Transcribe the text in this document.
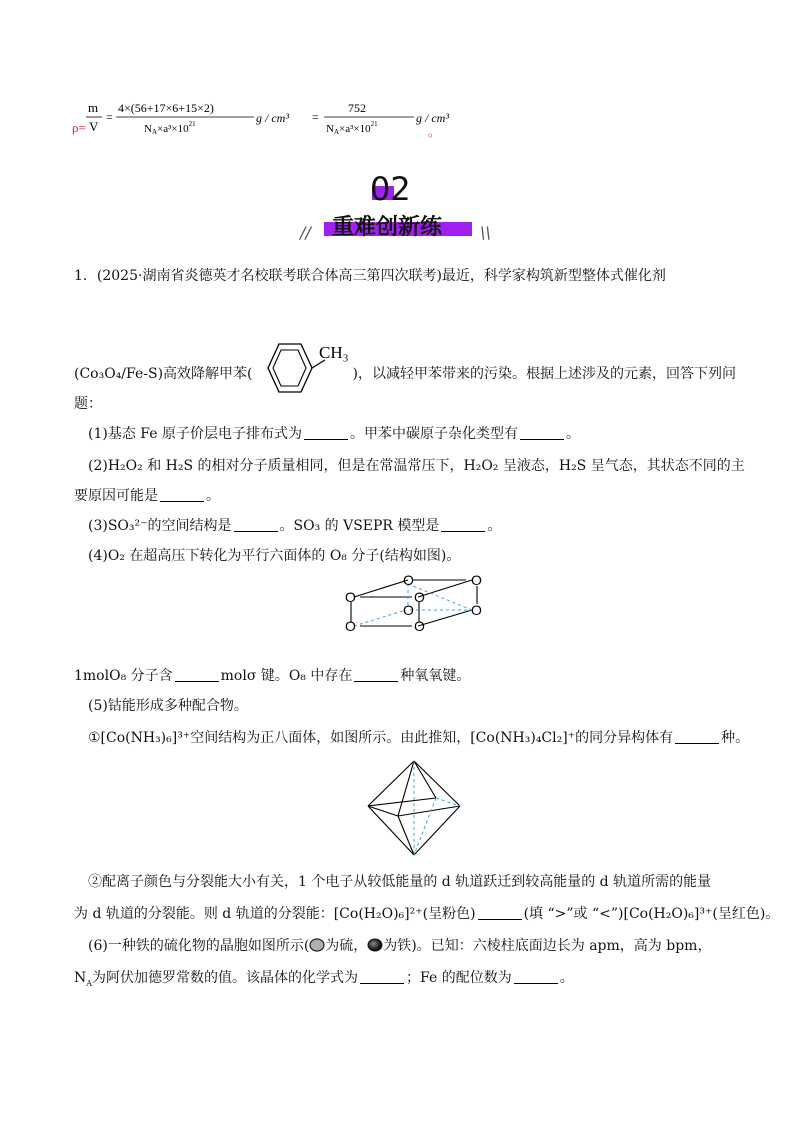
ρ=
m
V
=
4×(56+17×6+15×2)
$NA\times a^3\times 10^{21}$	g / cm³ =
752
$NA\times a^3\times 10^{21}$	g / cm³
。
02
// 重难创新练 \\
1．(2025·湖南省炎德英才名校联考联合体高三第四次联考)最近，科学家构筑新型整体式催化剂
(Co₃O₄/Fe-S)高效降解甲苯(
CH₃
)，以减轻甲苯带来的污染。根据上述涉及的元素，回答下列问
题：
(1)基态 Fe 原子价层电子排布式为	。甲苯中碳原子杂化类型有	。
(2)H₂O₂ 和 H₂S 的相对分子质量相同，但是在常温常压下，H₂O₂ 呈液态，H₂S 呈气态，其状态不同的主
要原因可能是	。
(3)SO₃²⁻的空间结构是	。SO₃ 的 VSEPR 模型是	。
(4)O₂ 在超高压下转化为平行六面体的 O₈ 分子(结构如图)。
O	O
O	O
O	O
O	O
1molO₈ 分子含	molσ 键。O₈ 中存在	种氧氧键。
(5)钴能形成多种配合物。
①[Co(NH₃)₆]³⁺空间结构为正八面体，如图所示。由此推知，[Co(NH₃)₄Cl₂]⁺的同分异构体有	种。
②配离子颜色与分裂能大小有关，1 个电子从较低能量的 d 轨道跃迁到较高能量的 d 轨道所需的能量
为 d 轨道的分裂能。则 d 轨道的分裂能：[Co(H₂O)₆]²⁺(呈粉色)	(填 “>”或 “<”)[Co(H₂O)₆]³⁺(呈红色)。
(6)一种铁的硫化物的晶胞如图所示( 为硫， 为铁)。已知：六棱柱底面边长为 apm，高为 bpm，
$N_A$为阿伏加德罗常数的值。该晶体的化学式为	；Fe 的配位数为	。
